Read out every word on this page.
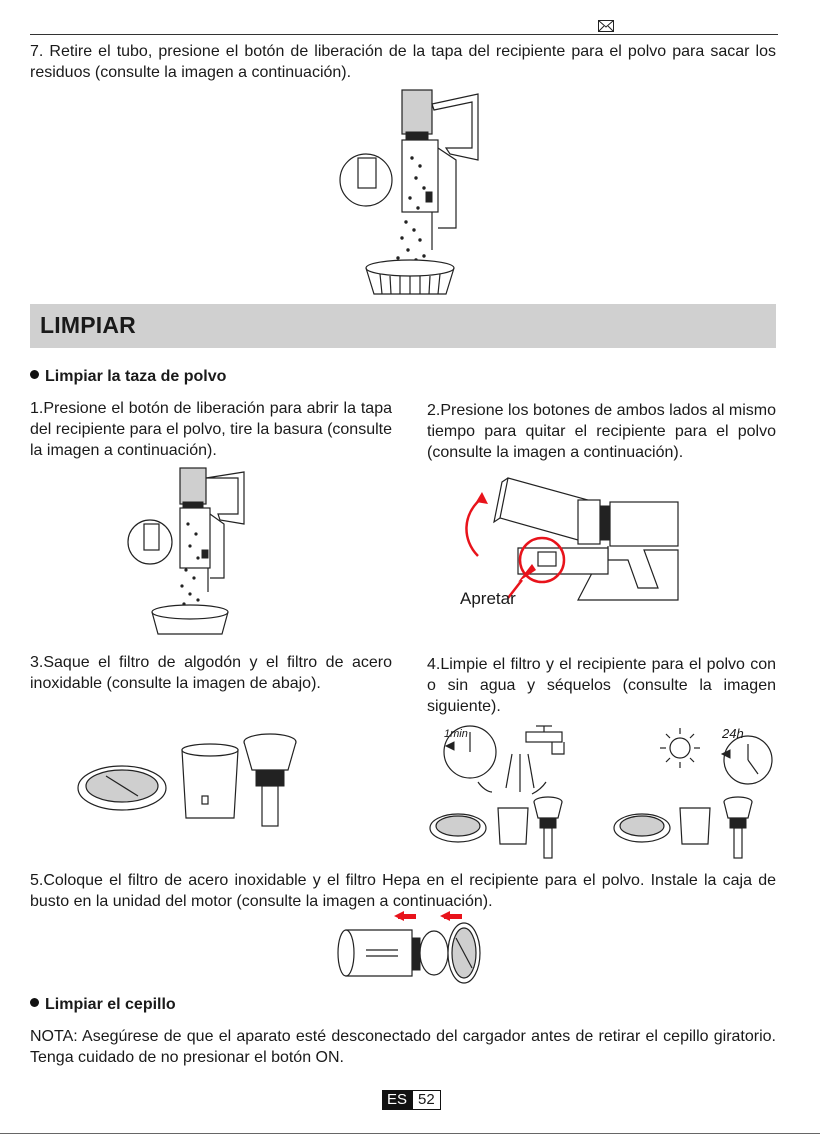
7. Retire el tubo, presione el botón de liberación de la tapa del recipiente para el polvo para sacar los residuos (consulte la imagen a continuación).
LIMPIAR
Limpiar la taza de polvo
1.Presione el botón de liberación para abrir la tapa del recipiente para el polvo, tire la basura (consulte la imagen a continuación).
2.Presione los botones de ambos lados al mismo tiempo para quitar el recipiente para el polvo (consulte la imagen a continuación).
Apretar
3.Saque el filtro de algodón y el filtro de acero inoxidable (consulte la imagen de abajo).
4.Limpie el filtro y el recipiente para el polvo con o sin agua y séquelos (consulte la imagen siguiente).
1min	24h
5.Coloque el filtro de acero inoxidable y el filtro Hepa en el recipiente para el polvo. Instale la caja de busto en la unidad del motor (consulte la imagen a continuación).
Limpiar el cepillo
NOTA: Asegúrese de que el aparato esté desconectado del cargador antes de retirar el cepillo giratorio. Tenga cuidado de no presionar el botón ON.
ES 52
